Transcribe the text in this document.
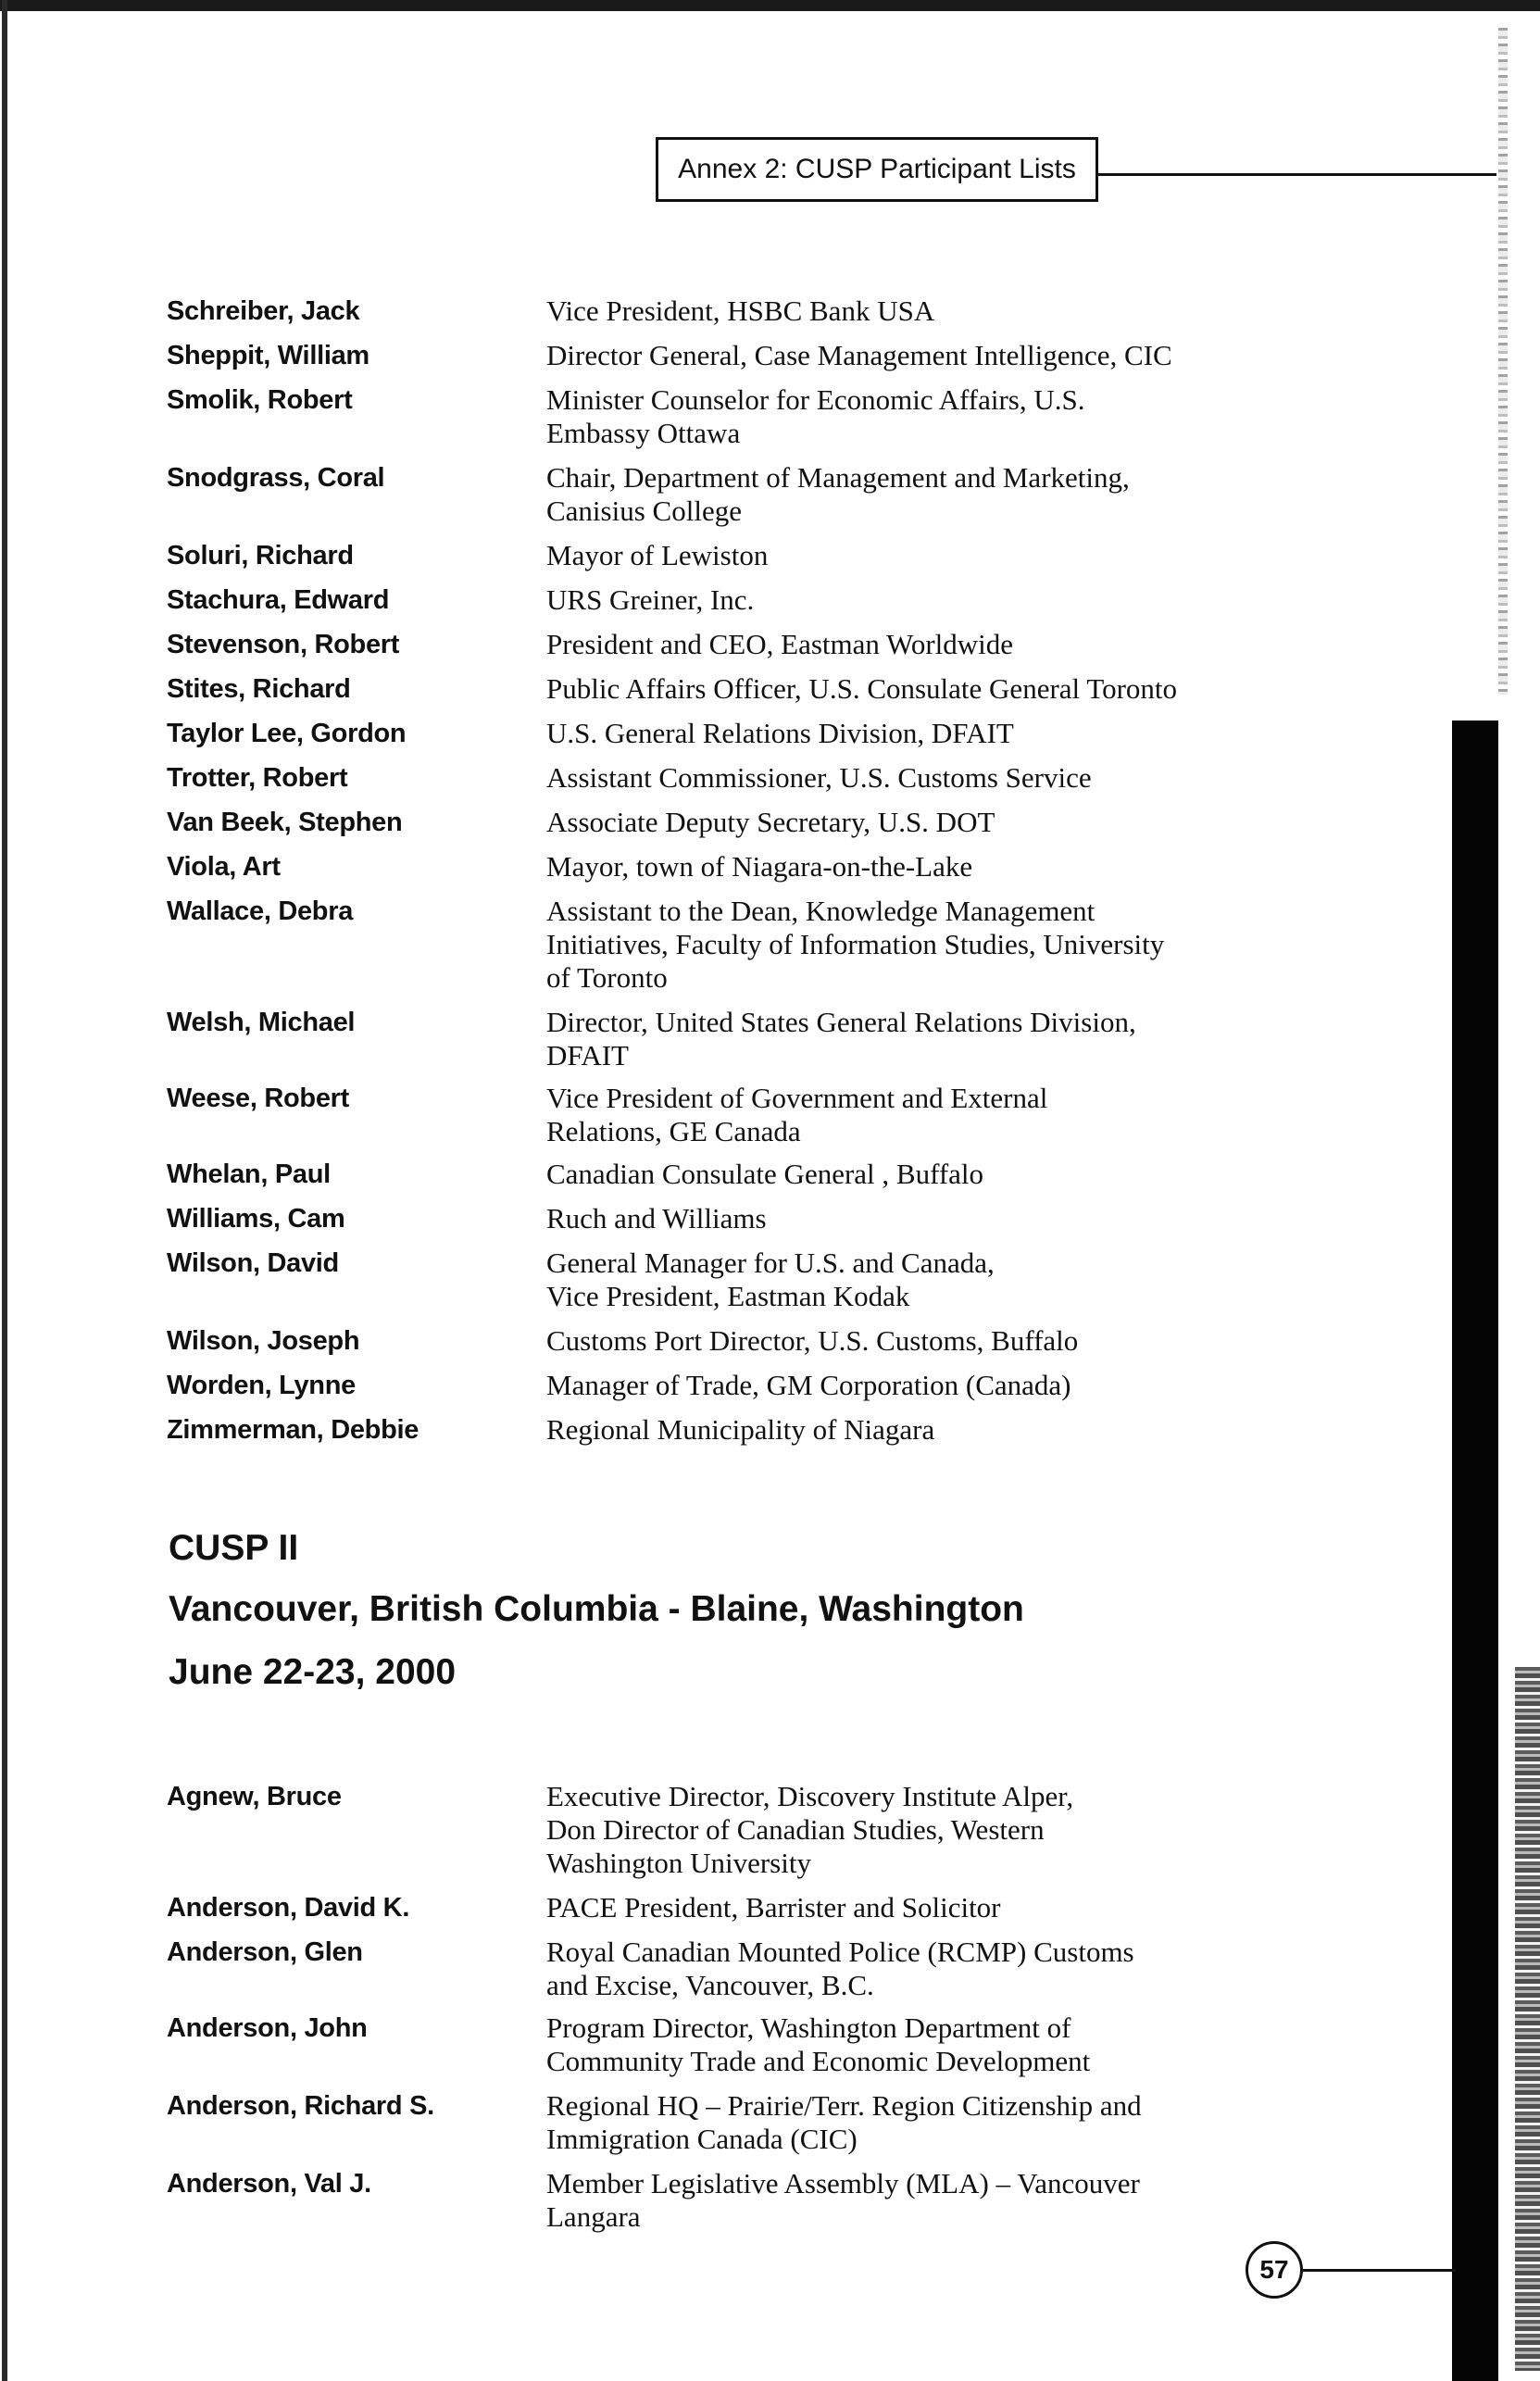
Annex 2: CUSP Participant Lists
Schreiber, Jack	Vice President, HSBC Bank USA
Sheppit, William	Director General, Case Management Intelligence, CIC
Smolik, Robert	Minister Counselor for Economic Affairs, U.S.
Embassy Ottawa
Snodgrass, Coral	Chair, Department of Management and Marketing,
Canisius College
Soluri, Richard	Mayor of Lewiston
Stachura, Edward	URS Greiner, Inc.
Stevenson, Robert	President and CEO, Eastman Worldwide
Stites, Richard	Public Affairs Officer, U.S. Consulate General Toronto
Taylor Lee, Gordon	U.S. General Relations Division, DFAIT
Trotter, Robert	Assistant Commissioner, U.S. Customs Service
Van Beek, Stephen	Associate Deputy Secretary, U.S. DOT
Viola, Art	Mayor, town of Niagara-on-the-Lake
Wallace, Debra	Assistant to the Dean, Knowledge Management
Initiatives, Faculty of Information Studies, University
of Toronto
Welsh, Michael	Director, United States General Relations Division,
DFAIT
Weese, Robert	Vice President of Government and External
Relations, GE Canada
Whelan, Paul	Canadian Consulate General , Buffalo
Williams, Cam	Ruch and Williams
Wilson, David	General Manager for U.S. and Canada,
Vice President, Eastman Kodak
Wilson, Joseph	Customs Port Director, U.S. Customs, Buffalo
Worden, Lynne	Manager of Trade, GM Corporation (Canada)
Zimmerman, Debbie	Regional Municipality of Niagara
CUSP II
Vancouver, British Columbia - Blaine, Washington
June 22-23, 2000
Agnew, Bruce	Executive Director, Discovery Institute Alper,
Don Director of Canadian Studies, Western
Washington University
Anderson, David K.	PACE President, Barrister and Solicitor
Anderson, Glen	Royal Canadian Mounted Police (RCMP) Customs
and Excise, Vancouver, B.C.
Anderson, John	Program Director, Washington Department of
Community Trade and Economic Development
Anderson, Richard S.	Regional HQ – Prairie/Terr. Region Citizenship and
Immigration Canada (CIC)
Anderson, Val J.	Member Legislative Assembly (MLA) – Vancouver
Langara
57
